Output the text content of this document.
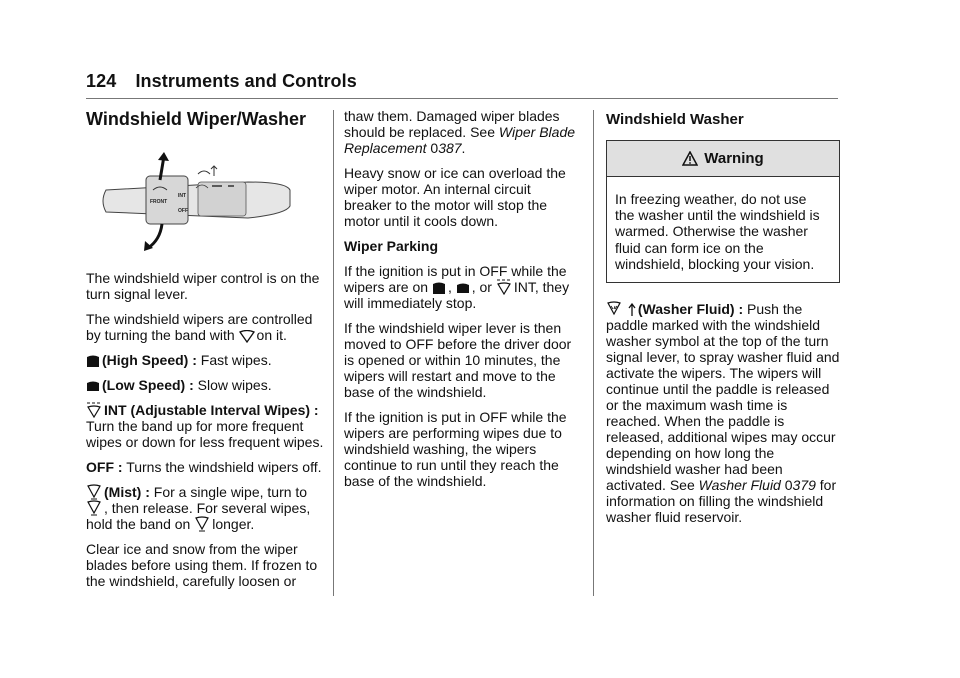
124 Instruments and Controls
Windshield Wiper/Washer
FRONT
INT
OFF

The windshield wiper control is on the turn signal lever.

The windshield wipers are controlled by turning the band with on it.

(High Speed) : Fast wipes.

(Low Speed) : Slow wipes.

INT (Adjustable Interval Wipes) : Turn the band up for more frequent wipes or down for less frequent wipes.

OFF : Turns the windshield wipers off.

(Mist) : For a single wipe, turn to , then release. For several wipes, hold the band on longer.

Clear ice and snow from the wiper blades before using them. If frozen to the windshield, carefully loosen or

thaw them. Damaged wiper blades should be replaced. See Wiper Blade Replacement 0387.

Heavy snow or ice can overload the wiper motor. An internal circuit breaker to the motor will stop the motor until it cools down.

Wiper Parking

If the ignition is put in OFF while the wipers are on , , or INT, they will immediately stop.

If the windshield wiper lever is then moved to OFF before the driver door is opened or within 10 minutes, the wipers will restart and move to the base of the windshield.

If the ignition is put in OFF while the wipers are performing wipes due to windshield washing, the wipers continue to run until they reach the base of the windshield.

Windshield Washer
Warning
In freezing weather, do not use the washer until the windshield is warmed. Otherwise the washer fluid can form ice on the windshield, blocking your vision.

(Washer Fluid) : Push the paddle marked with the windshield washer symbol at the top of the turn signal lever, to spray washer fluid and activate the wipers. The wipers will continue until the paddle is released or the maximum wash time is reached. When the paddle is released, additional wipes may occur depending on how long the windshield washer had been activated. See Washer Fluid 0379 for information on filling the windshield washer fluid reservoir.
